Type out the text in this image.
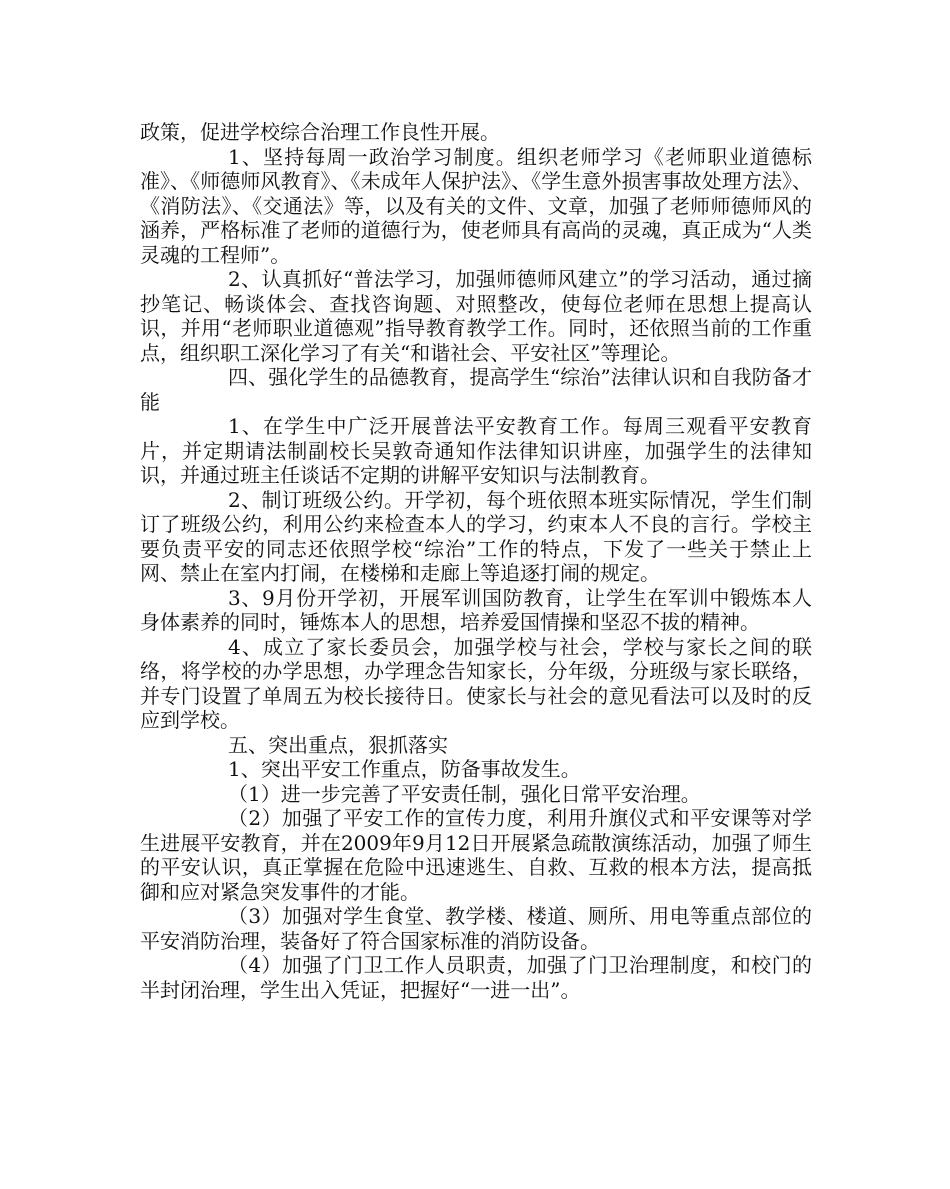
政策，促进学校综合治理工作良性开展。

1、坚持每周一政治学习制度。组织老师学习《老师职业道德标准》、《师德师风教育》、《未成年人保护法》、《学生意外损害事故处理方法》、《消防法》、《交通法》等，以及有关的文件、文章，加强了老师师德师风的涵养，严格标准了老师的道德行为，使老师具有高尚的灵魂，真正成为“人类灵魂的工程师”。

2、认真抓好“普法学习，加强师德师风建立”的学习活动，通过摘抄笔记、畅谈体会、查找咨询题、对照整改，使每位老师在思想上提高认识，并用“老师职业道德观”指导教育教学工作。同时，还依照当前的工作重点，组织职工深化学习了有关“和谐社会、平安社区”等理论。

四、强化学生的品德教育，提高学生“综治”法律认识和自我防备才能

1、在学生中广泛开展普法平安教育工作。每周三观看平安教育片，并定期请法制副校长吴敦奇通知作法律知识讲座，加强学生的法律知识，并通过班主任谈话不定期的讲解平安知识与法制教育。

2、制订班级公约。开学初，每个班依照本班实际情况，学生们制订了班级公约，利用公约来检查本人的学习，约束本人不良的言行。学校主要负责平安的同志还依照学校“综治”工作的特点，下发了一些关于禁止上网、禁止在室内打闹，在楼梯和走廊上等追逐打闹的规定。

3、9月份开学初，开展军训国防教育，让学生在军训中锻炼本人身体素养的同时，锤炼本人的思想，培养爱国情操和坚忍不拔的精神。

4、成立了家长委员会，加强学校与社会，学校与家长之间的联络，将学校的办学思想，办学理念告知家长，分年级，分班级与家长联络，并专门设置了单周五为校长接待日。使家长与社会的意见看法可以及时的反应到学校。

五、突出重点，狠抓落实

1、突出平安工作重点，防备事故发生。

（1）进一步完善了平安责任制，强化日常平安治理。

（2）加强了平安工作的宣传力度，利用升旗仪式和平安课等对学生进展平安教育，并在2009年9月12日开展紧急疏散演练活动，加强了师生的平安认识，真正掌握在危险中迅速逃生、自救、互救的根本方法，提高抵御和应对紧急突发事件的才能。

（3）加强对学生食堂、教学楼、楼道、厕所、用电等重点部位的平安消防治理，装备好了符合国家标准的消防设备。

（4）加强了门卫工作人员职责，加强了门卫治理制度，和校门的半封闭治理，学生出入凭证，把握好“一进一出”。
